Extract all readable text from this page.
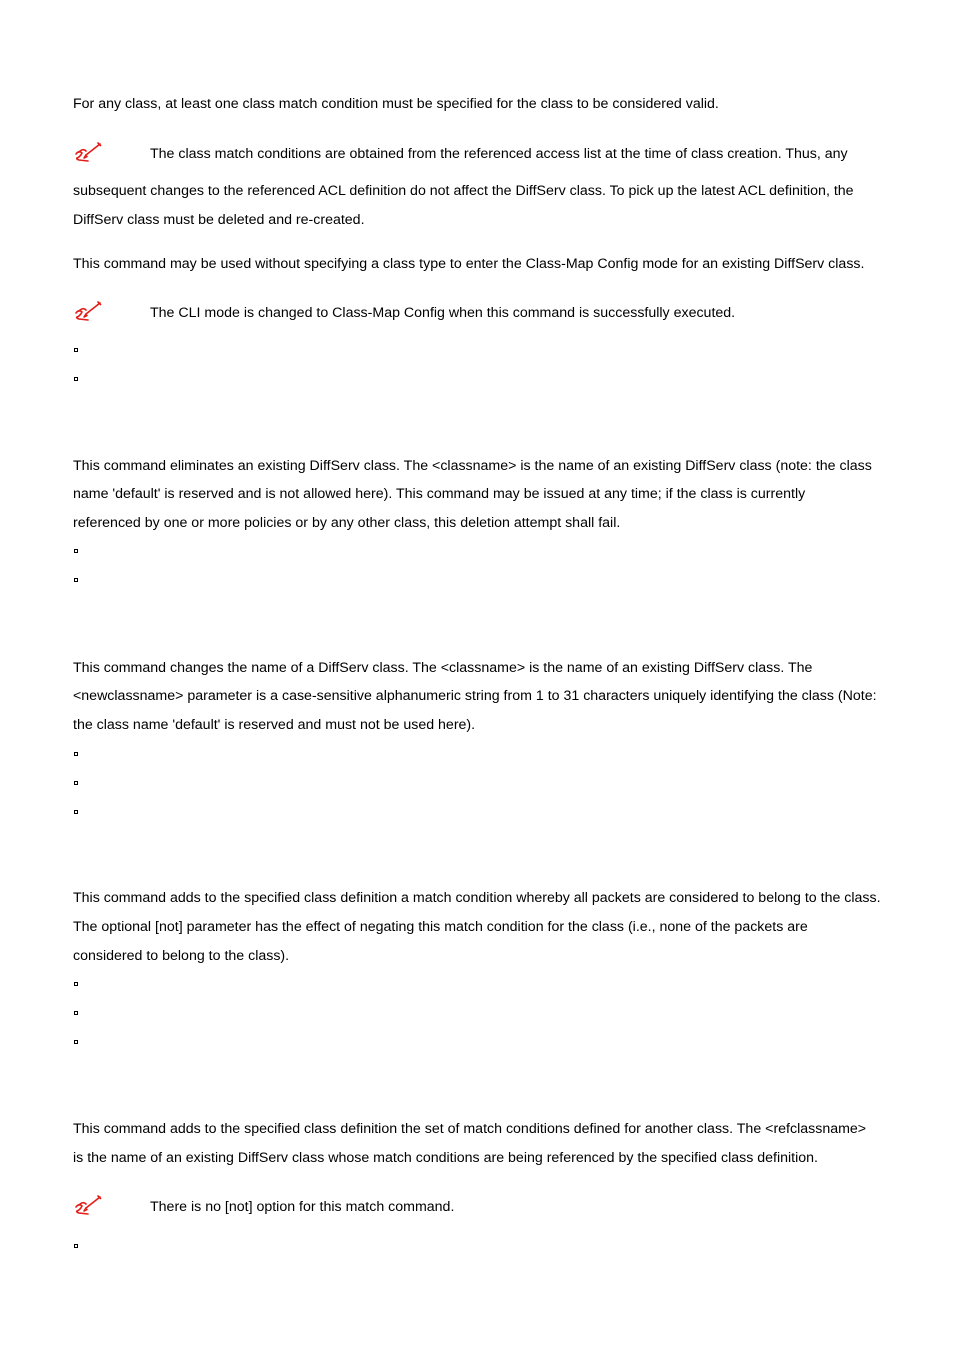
For any class, at least one class match condition must be specified for the class to be considered valid.

The class match conditions are obtained from the referenced access list at the time of class creation. Thus, any

subsequent changes to the referenced ACL definition do not affect the DiffServ class. To pick up the latest ACL definition, the

DiffServ class must be deleted and re-created.

This command may be used without specifying a class type to enter the Class-Map Config mode for an existing DiffServ class.

The CLI mode is changed to Class-Map Config when this command is successfully executed.

This command eliminates an existing DiffServ class. The <classname> is the name of an existing DiffServ class (note: the class

name 'default' is reserved and is not allowed here). This command may be issued at any time; if the class is currently

referenced by one or more policies or by any other class, this deletion attempt shall fail.

This command changes the name of a DiffServ class. The <classname> is the name of an existing DiffServ class. The

<newclassname> parameter is a case-sensitive alphanumeric string from 1 to 31 characters uniquely identifying the class (Note:

the class name 'default' is reserved and must not be used here).

This command adds to the specified class definition a match condition whereby all packets are considered to belong to the class.

The optional [not] parameter has the effect of negating this match condition for the class (i.e., none of the packets are

considered to belong to the class).

This command adds to the specified class definition the set of match conditions defined for another class. The <refclassname>

is the name of an existing DiffServ class whose match conditions are being referenced by the specified class definition.

There is no [not] option for this match command.
